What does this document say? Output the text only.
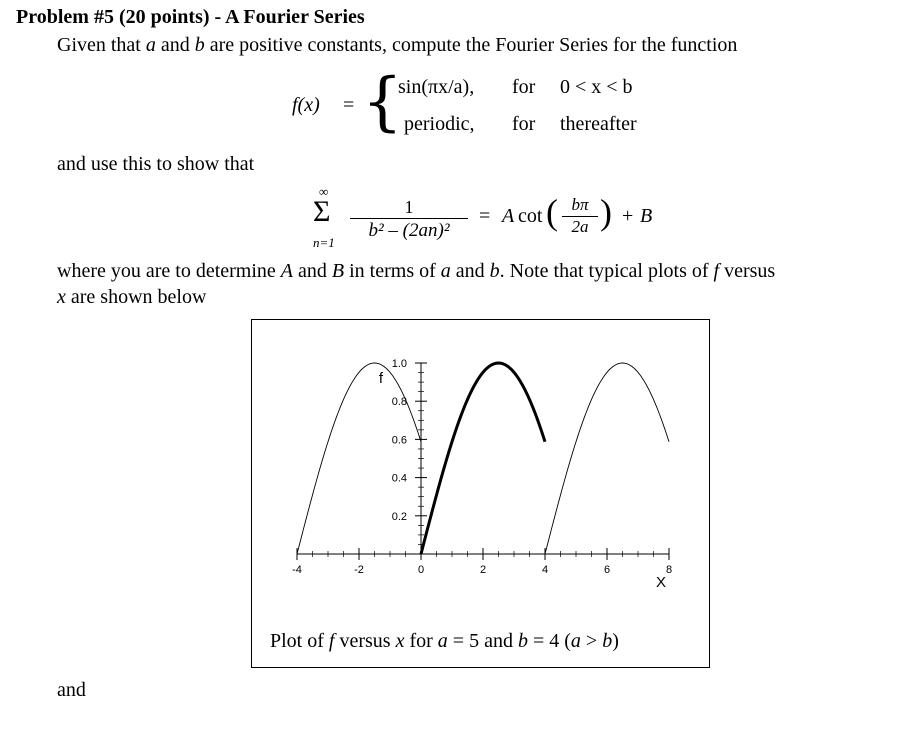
Problem #5 (20 points) - A Fourier Series
Given that a and b are positive constants, compute the Fourier Series for the function
f(x) = {
sin(πx/a), for 0 < x < b
periodic, for thereafter
and use this to show that
∞
Σ
n=1
1
b² – (2an)²
= A cot ( bπ
2a ) + B
where you are to determine A and B in terms of a and b. Note that typical plots of f versus
x are shown below
-4	-2	0	2	4	6	8
0.2
0.4
0.6
0.8
1.0
f
X
Plot of f versus x for a = 5 and b = 4 (a > b)
and
